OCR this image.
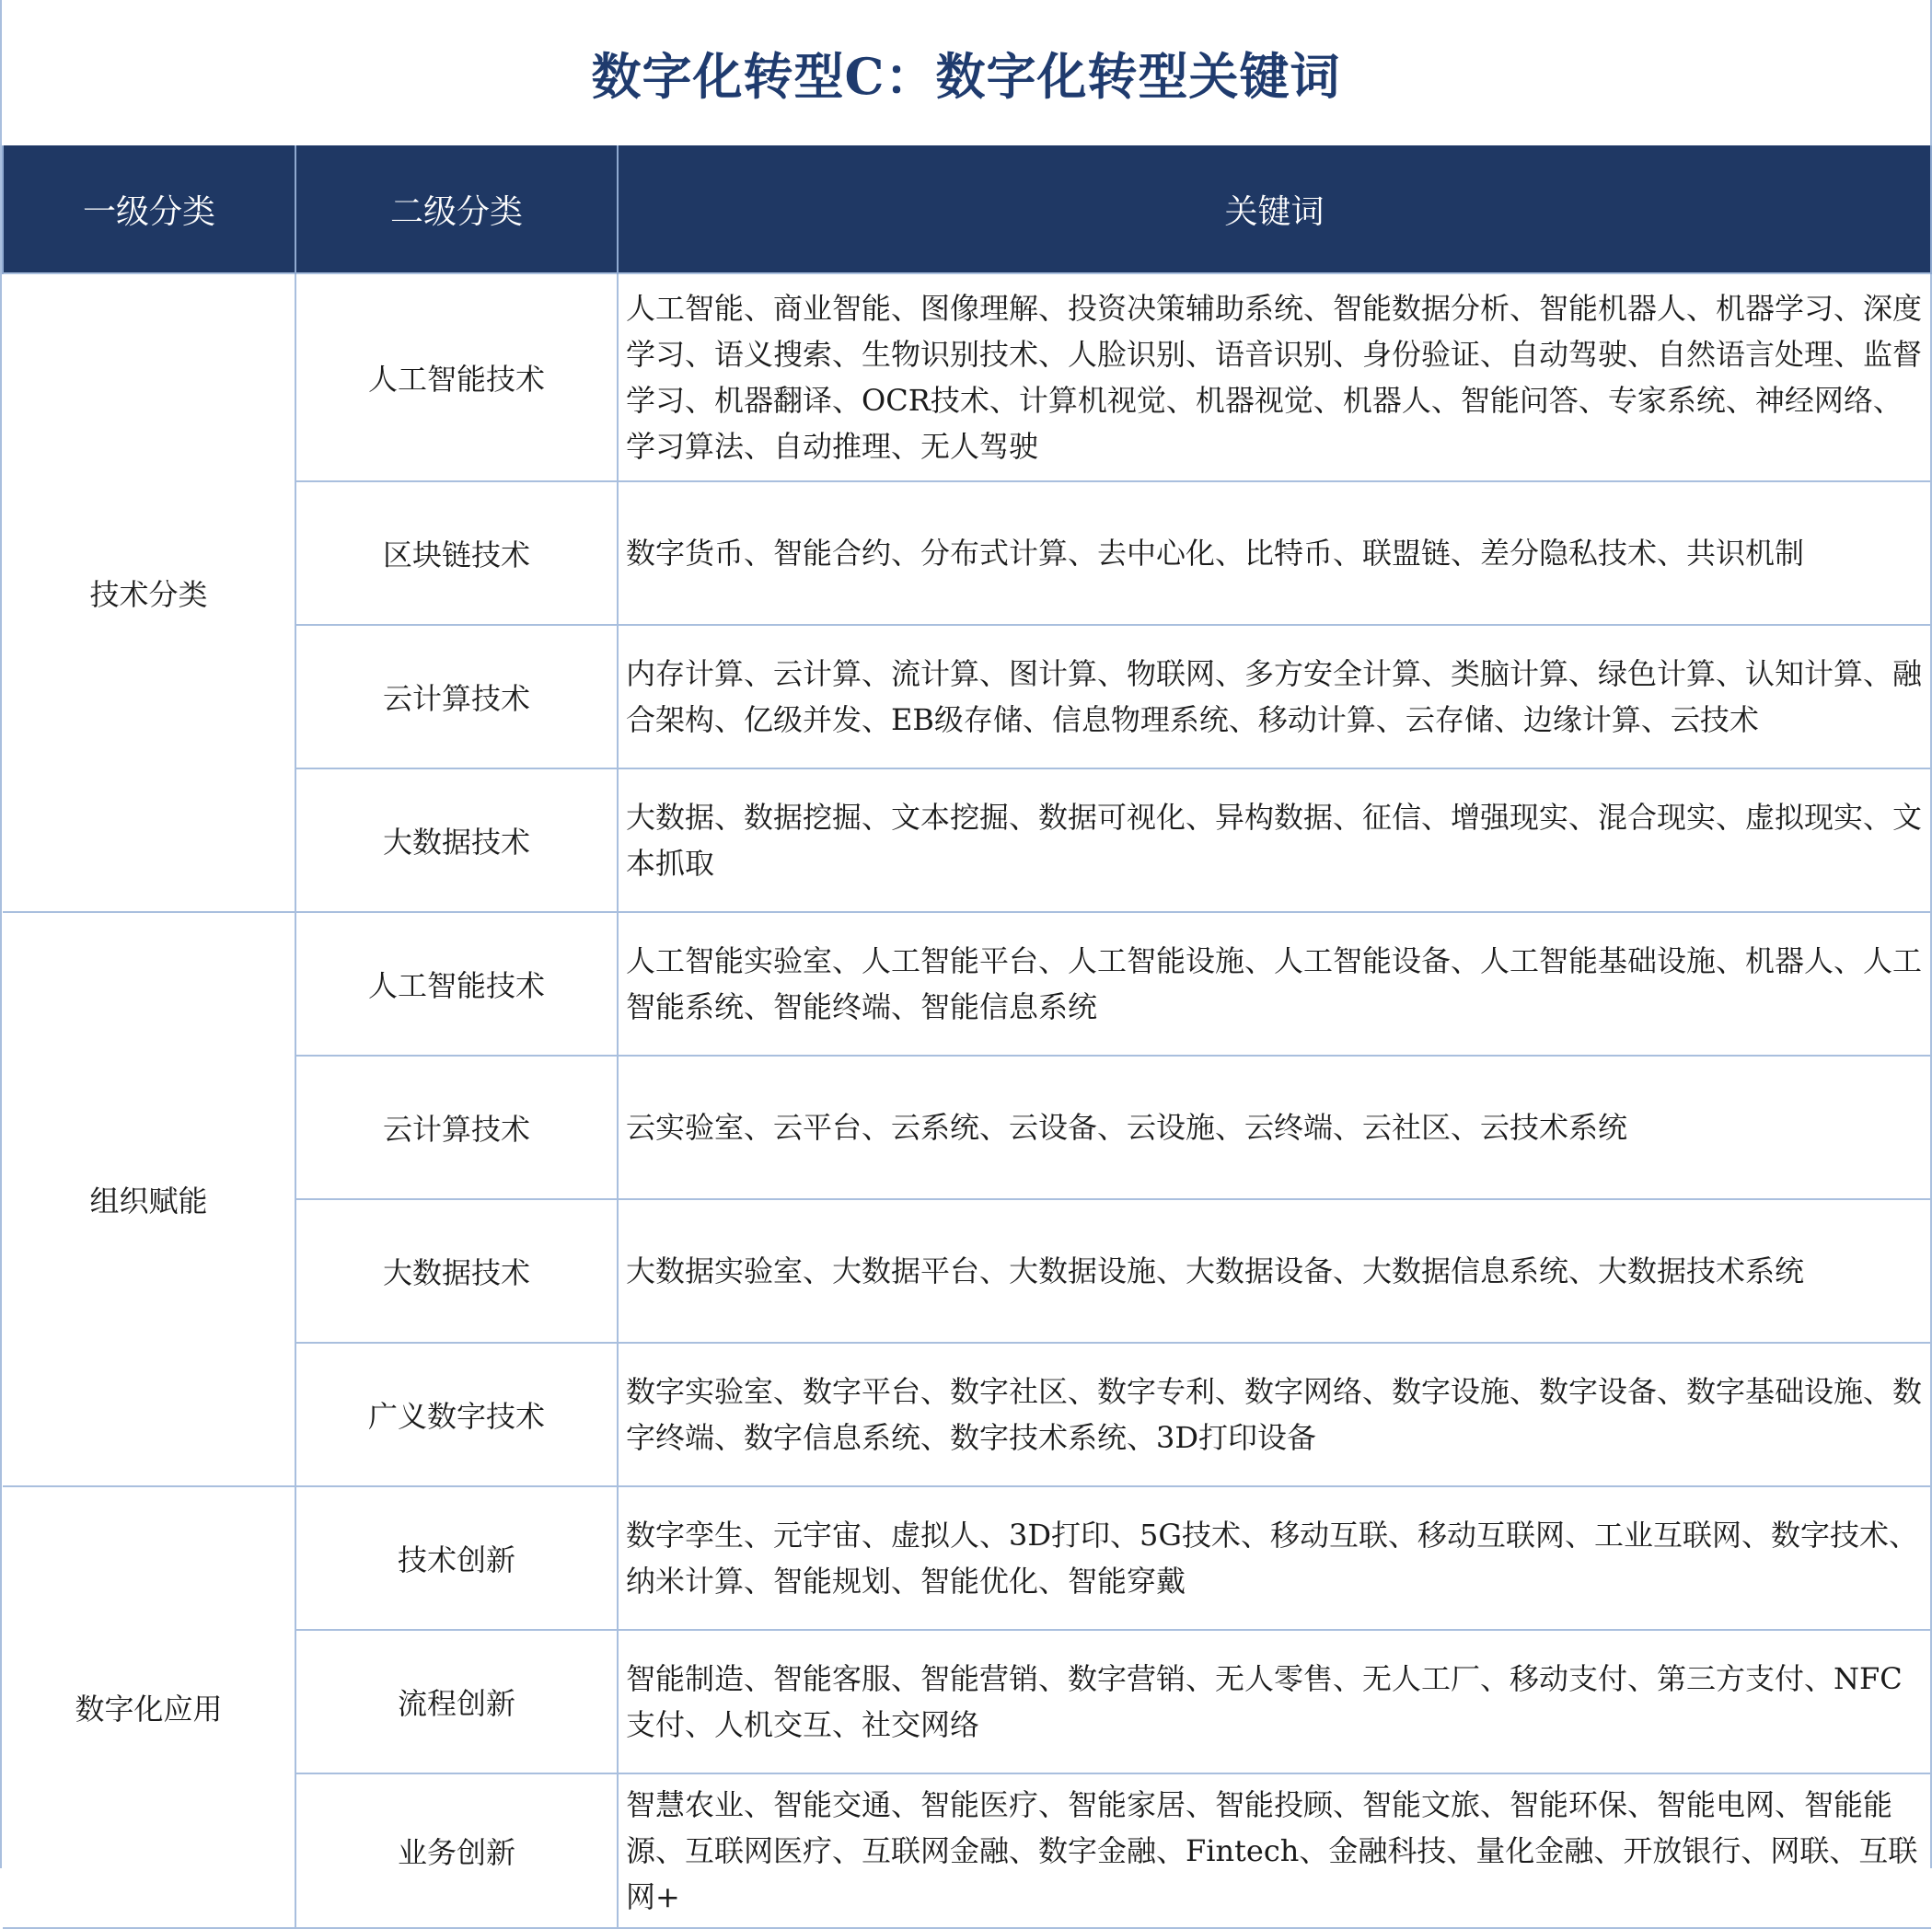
数字化转型C：数字化转型关键词
一级分类	二级分类	关键词
技术分类	人工智能技术	人工智能、商业智能、图像理解、投资决策辅助系统、智能数据分析、智能机器人、机器学习、深度学习、语义搜索、生物识别技术、人脸识别、语音识别、身份验证、自动驾驶、自然语言处理、监督学习、机器翻译、OCR技术、计算机视觉、机器视觉、机器人、智能问答、专家系统、神经网络、学习算法、自动推理、无人驾驶
	区块链技术	数字货币、智能合约、分布式计算、去中心化、比特币、联盟链、差分隐私技术、共识机制
	云计算技术	内存计算、云计算、流计算、图计算、物联网、多方安全计算、类脑计算、绿色计算、认知计算、融合架构、亿级并发、EB级存储、信息物理系统、移动计算、云存储、边缘计算、云技术
	大数据技术	大数据、数据挖掘、文本挖掘、数据可视化、异构数据、征信、增强现实、混合现实、虚拟现实、文本抓取
组织赋能	人工智能技术	人工智能实验室、人工智能平台、人工智能设施、人工智能设备、人工智能基础设施、机器人、人工智能系统、智能终端、智能信息系统
	云计算技术	云实验室、云平台、云系统、云设备、云设施、云终端、云社区、云技术系统
	大数据技术	大数据实验室、大数据平台、大数据设施、大数据设备、大数据信息系统、大数据技术系统
	广义数字技术	数字实验室、数字平台、数字社区、数字专利、数字网络、数字设施、数字设备、数字基础设施、数字终端、数字信息系统、数字技术系统、3D打印设备
数字化应用	技术创新	数字孪生、元宇宙、虚拟人、3D打印、5G技术、移动互联、移动互联网、工业互联网、数字技术、纳米计算、智能规划、智能优化、智能穿戴
	流程创新	智能制造、智能客服、智能营销、数字营销、无人零售、无人工厂、移动支付、第三方支付、NFC支付、人机交互、社交网络
	业务创新	智慧农业、智能交通、智能医疗、智能家居、智能投顾、智能文旅、智能环保、智能电网、智能能源、互联网医疗、互联网金融、数字金融、Fintech、金融科技、量化金融、开放银行、网联、互联网+
